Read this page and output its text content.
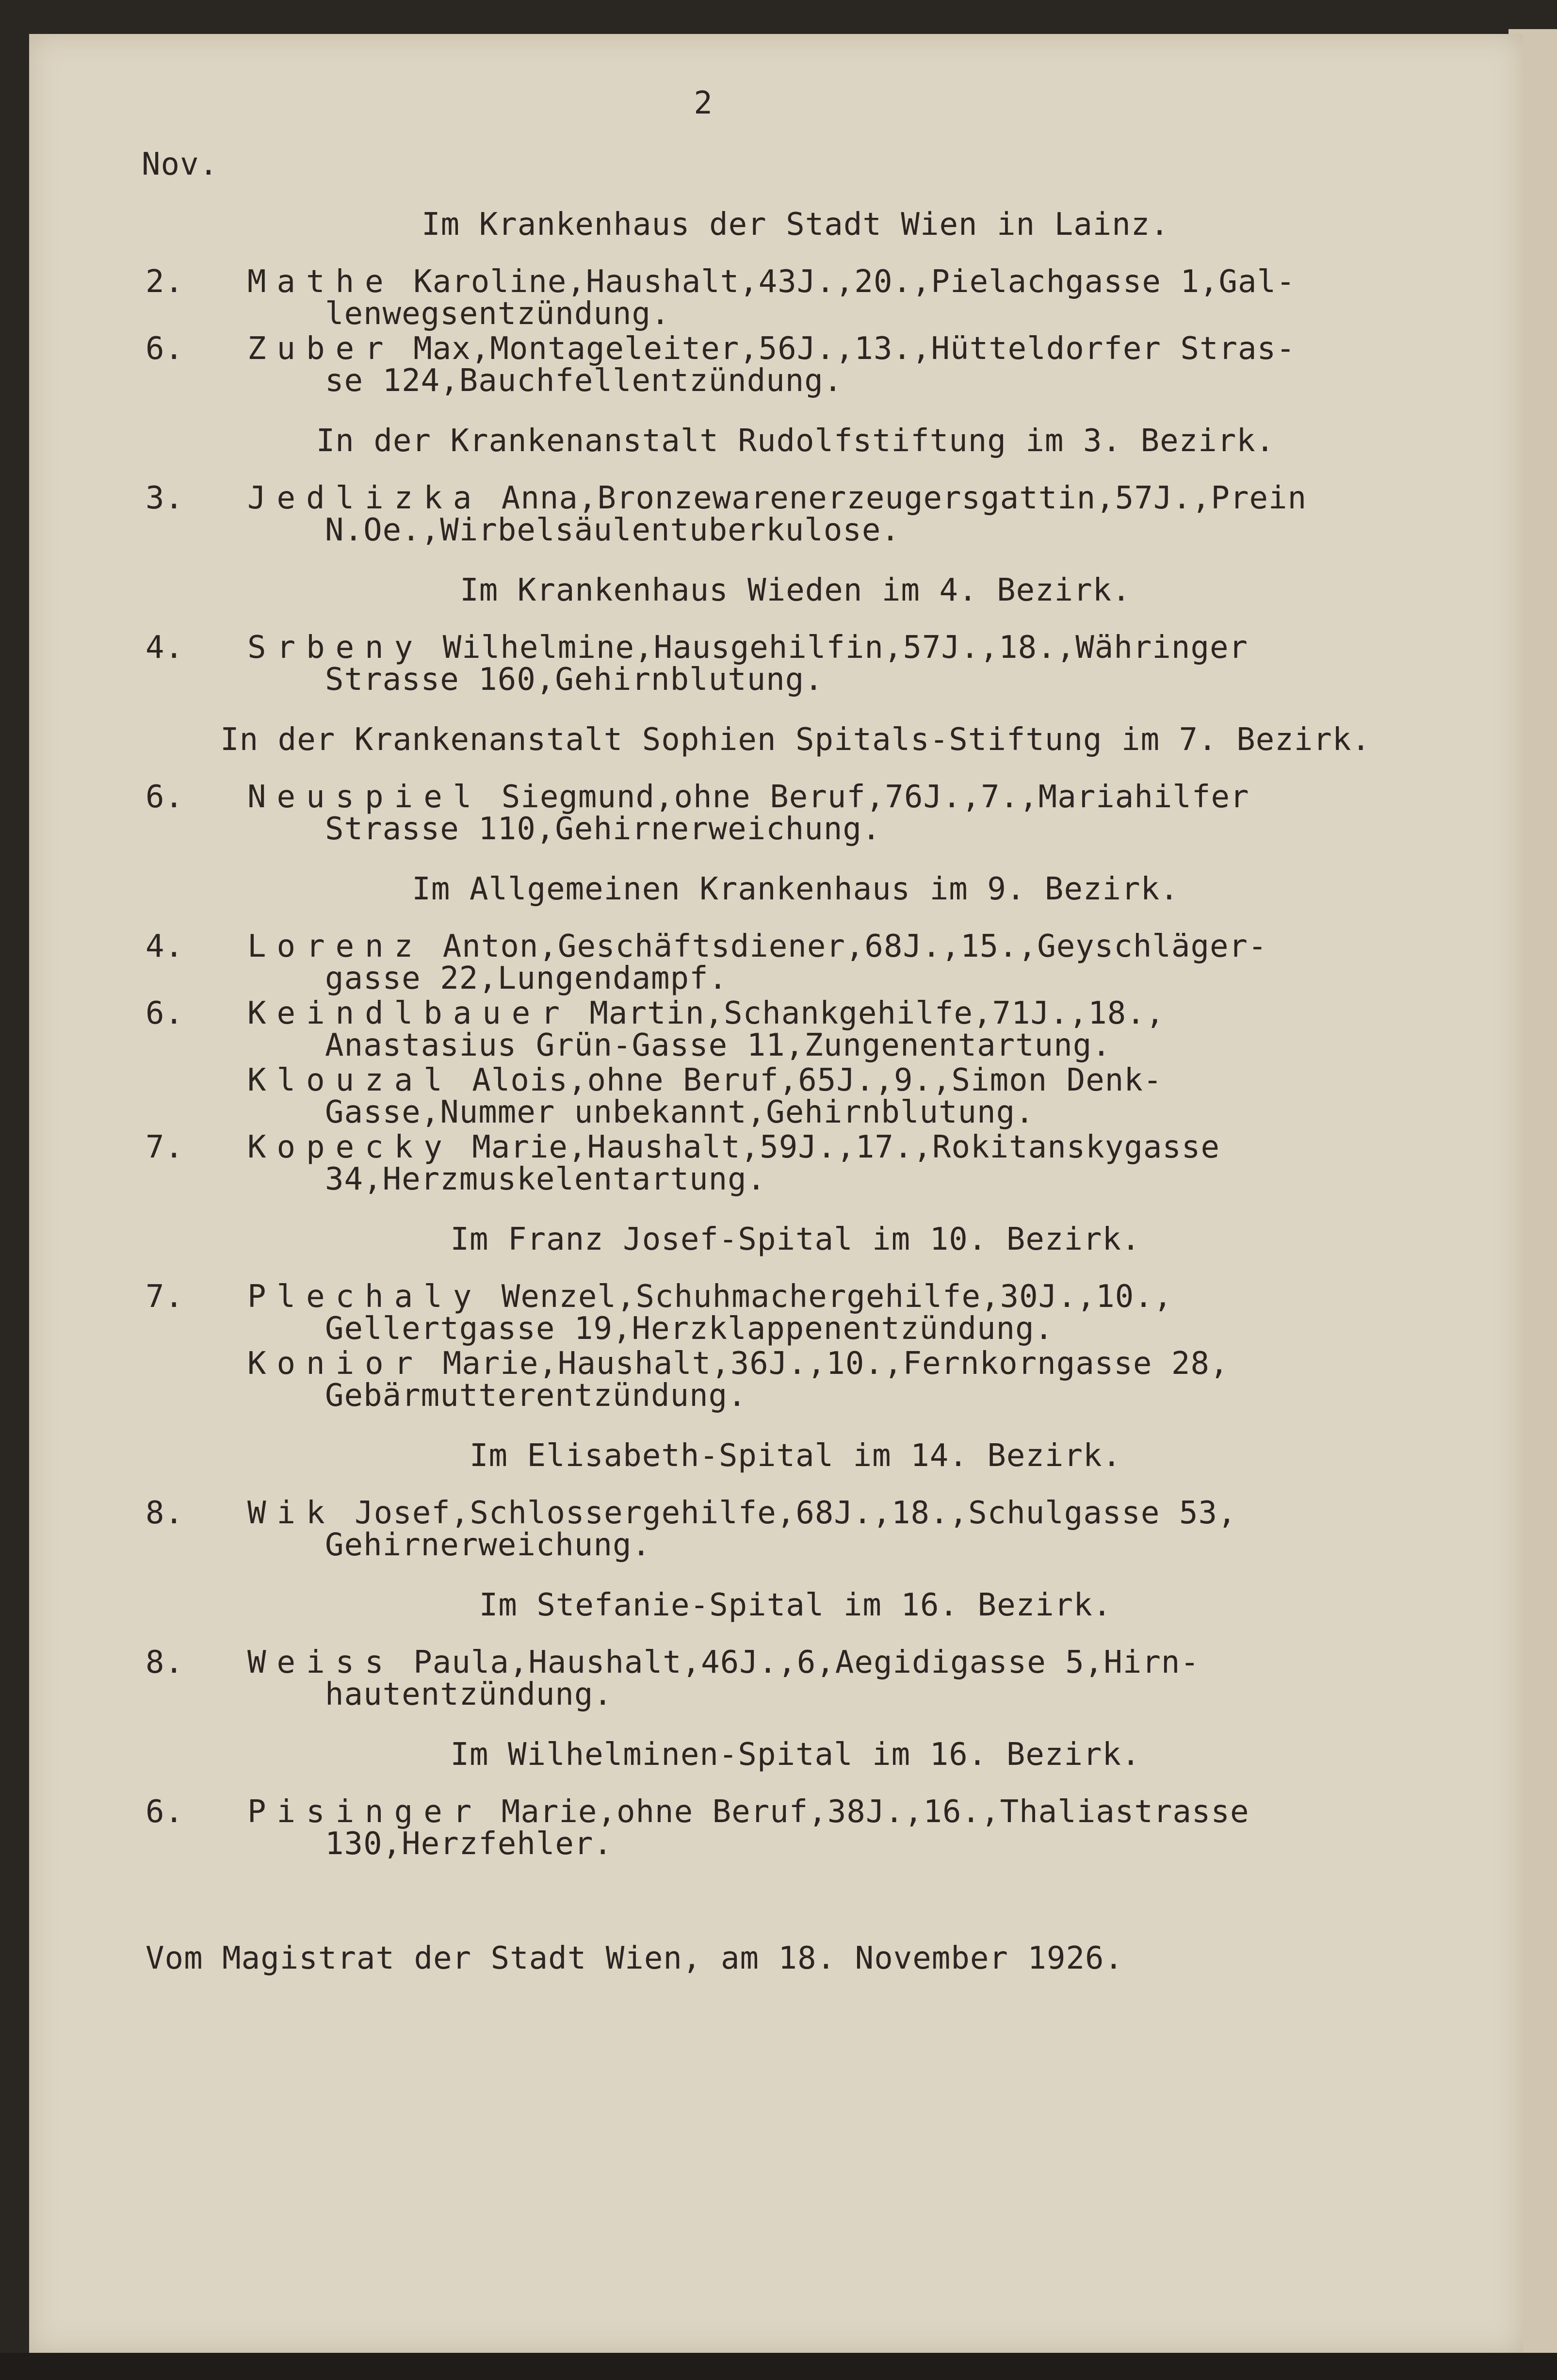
2
Nov.
Im Krankenhaus der Stadt Wien in Lainz.
2.	Mathe Karoline,Haushalt,43J.,20.,Pielachgasse 1,Gal-
lenwegsentzündung.
6.	Zuber Max,Montageleiter,56J.,13.,Hütteldorfer Stras-
se 124,Bauchfellentzündung.
In der Krankenanstalt Rudolfstiftung im 3. Bezirk.
3.	Jedlizka Anna,Bronzewarenerzeugersgattin,57J.,Prein
N.Oe.,Wirbelsäulentuberkulose.
Im Krankenhaus Wieden im 4. Bezirk.
4.	Srbeny Wilhelmine,Hausgehilfin,57J.,18.,Währinger
Strasse 160,Gehirnblutung.
In der Krankenanstalt Sophien Spitals-Stiftung im 7. Bezirk.
6.	Neuspiel Siegmund,ohne Beruf,76J.,7.,Mariahilfer
Strasse 110,Gehirnerweichung.
Im Allgemeinen Krankenhaus im 9. Bezirk.
4.	Lorenz Anton,Geschäftsdiener,68J.,15.,Geyschläger-
gasse 22,Lungendampf.
6.	Keindlbauer Martin,Schankgehilfe,71J.,18.,
Anastasius Grün-Gasse 11,Zungenentartung.
Klouzal Alois,ohne Beruf,65J.,9.,Simon Denk-
Gasse,Nummer unbekannt,Gehirnblutung.
7.	Kopecky Marie,Haushalt,59J.,17.,Rokitanskygasse
34,Herzmuskelentartung.
Im Franz Josef-Spital im 10. Bezirk.
7.	Plechaly Wenzel,Schuhmachergehilfe,30J.,10.,
Gellertgasse 19,Herzklappenentzündung.
Konior Marie,Haushalt,36J.,10.,Fernkorngasse 28,
Gebärmutterentzündung.
Im Elisabeth-Spital im 14. Bezirk.
8.	Wik Josef,Schlossergehilfe,68J.,18.,Schulgasse 53,
Gehirnerweichung.
Im Stefanie-Spital im 16. Bezirk.
8.	Weiss Paula,Haushalt,46J.,6,Aegidigasse 5,Hirn-
hautentzündung.
Im Wilhelminen-Spital im 16. Bezirk.
6.	Pisinger Marie,ohne Beruf,38J.,16.,Thaliastrasse
130,Herzfehler.
Vom Magistrat der Stadt Wien, am 18. November 1926.
